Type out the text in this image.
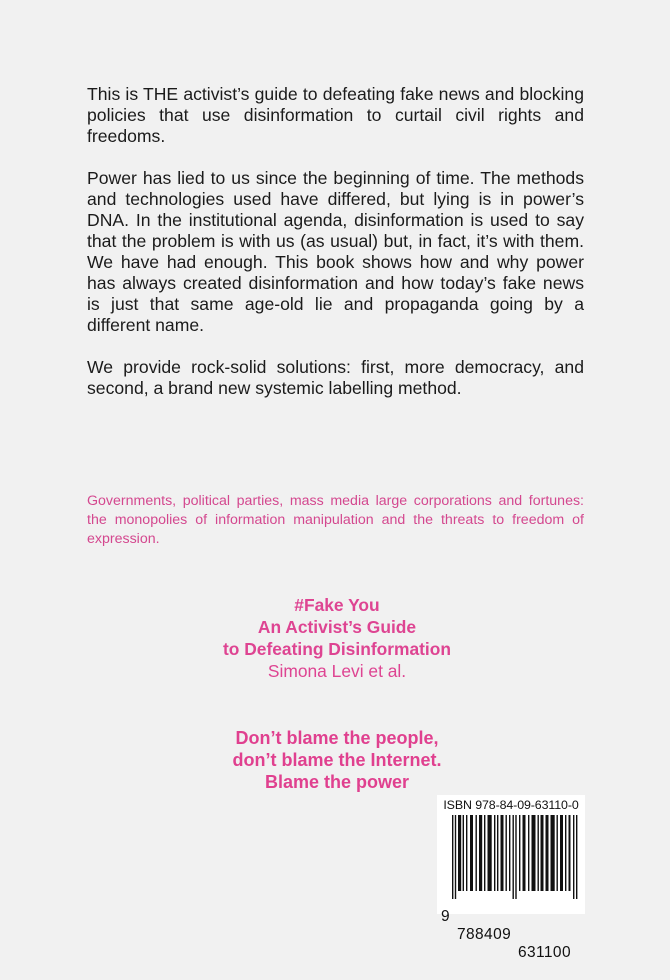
This is THE activist’s guide to defeating fake news and blocking policies that use disinformation to curtail civil rights and freedoms.

Power has lied to us since the beginning of time. The methods and technologies used have differed, but lying is in power’s DNA. In the institutional agenda, disinformation is used to say that the problem is with us (as usual) but, in fact, it’s with them. We have had enough. This book shows how and why power has always created disinformation and how today’s fake news is just that same age-old lie and propaganda going by a different name.

We provide rock-solid solutions: first, more democracy, and second, a brand new systemic labelling method.

Governments, political parties, mass media large corporations and fortunes: the monopolies of information manipulation and the threats to freedom of expression.

#Fake You
An Activist’s Guide
to Defeating Disinformation
Simona Levi et al.
Don’t blame the people,
don’t blame the Internet.
Blame the power
ISBN 978-84-09-63110-0

9

788409

631100
